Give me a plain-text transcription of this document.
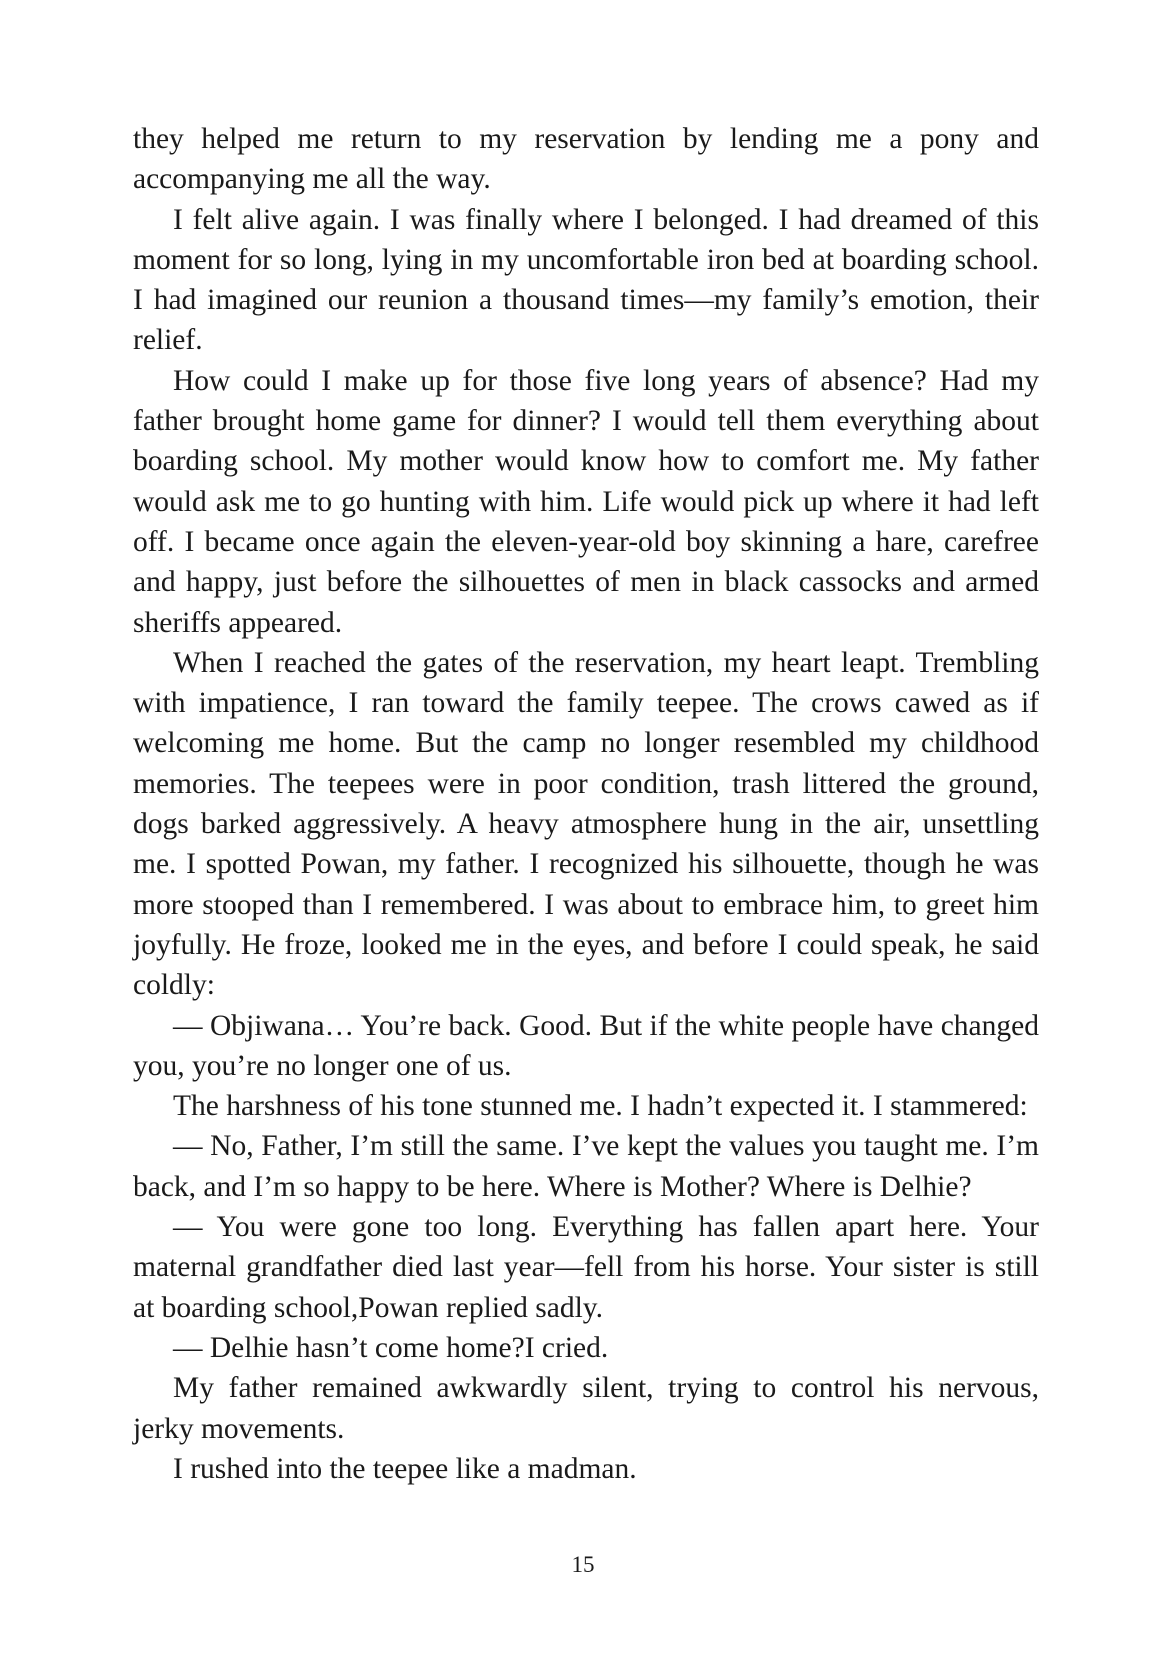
they helped me return to my reservation by lending me a pony and accompanying me all the way.

I felt alive again. I was finally where I belonged. I had dreamed of this moment for so long, lying in my uncomfortable iron bed at boarding school. I had imagined our reunion a thousand times—my family’s emotion, their relief.

How could I make up for those five long years of absence? Had my father brought home game for dinner? I would tell them everything about boarding school. My mother would know how to comfort me. My father would ask me to go hunting with him. Life would pick up where it had left off. I became once again the eleven-year-old boy skinning a hare, carefree and happy, just before the silhouettes of men in black cassocks and armed sheriffs appeared.

When I reached the gates of the reservation, my heart leapt. Trembling with impatience, I ran toward the family teepee. The crows cawed as if welcoming me home. But the camp no longer resembled my childhood memories. The teepees were in poor condition, trash littered the ground, dogs barked aggressively. A heavy atmosphere hung in the air, unsettling me. I spotted Powan, my father. I recognized his silhouette, though he was more stooped than I remembered. I was about to embrace him, to greet him joyfully. He froze, looked me in the eyes, and before I could speak, he said coldly:

— Objiwana… You’re back. Good. But if the white people have changed you, you’re no longer one of us.

The harshness of his tone stunned me. I hadn’t expected it. I stammered:

— No, Father, I’m still the same. I’ve kept the values you taught me. I’m back, and I’m so happy to be here. Where is Mother? Where is Delhie?

— You were gone too long. Everything has fallen apart here. Your maternal grandfather died last year—fell from his horse. Your sister is still at boarding school,Powan replied sadly.

— Delhie hasn’t come home?I cried.

My father remained awkwardly silent, trying to control his nervous, jerky movements.

I rushed into the teepee like a madman.

15
